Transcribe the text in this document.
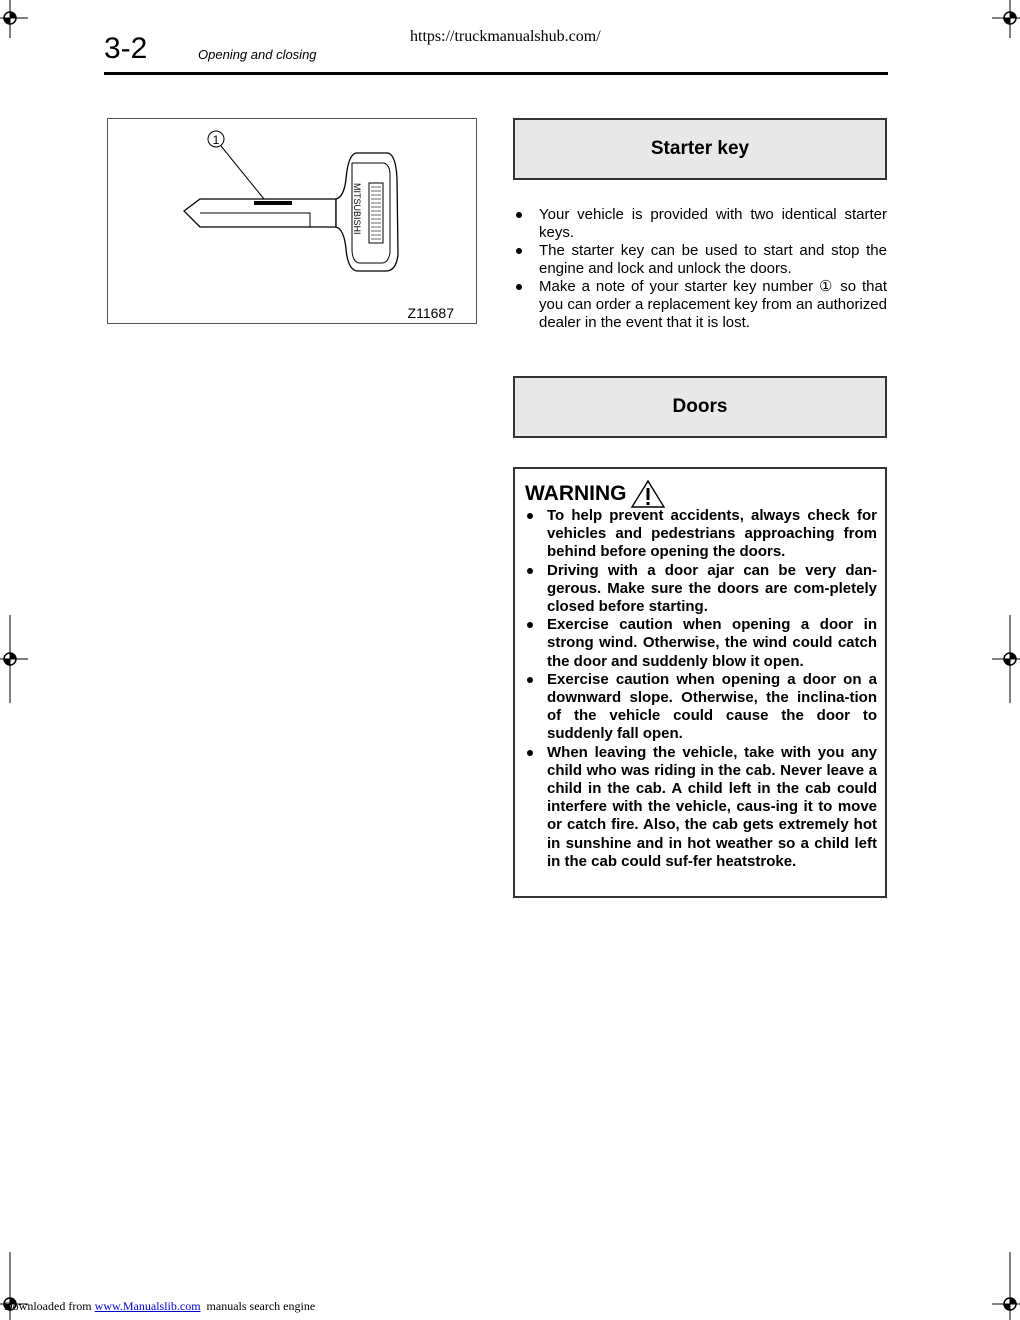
https://truckmanualshub.com/
3-2	Opening and closing
1
MITSUBISHI
Z11687
Starter key
Your vehicle is provided with two identical starter keys.
The starter key can be used to start and stop the engine and lock and unlock the doors.
Make a note of your starter key number ① so that you can order a replacement key from an authorized dealer in the event that it is lost.
Doors
WARNING
To help prevent accidents, always check for vehicles and pedestrians approaching from behind before opening the doors.
Driving with a door ajar can be very dan-gerous. Make sure the doors are com-pletely closed before starting.
Exercise caution when opening a door in strong wind. Otherwise, the wind could catch the door and suddenly blow it open.
Exercise caution when opening a door on a downward slope. Otherwise, the inclina-tion of the vehicle could cause the door to suddenly fall open.
When leaving the vehicle, take with you any child who was riding in the cab. Never leave a child in the cab. A child left in the cab could interfere with the vehicle, caus-ing it to move or catch fire. Also, the cab gets extremely hot in sunshine and in hot weather so a child left in the cab could suf-fer heatstroke.
Downloaded from www.Manualslib.com manuals search engine
